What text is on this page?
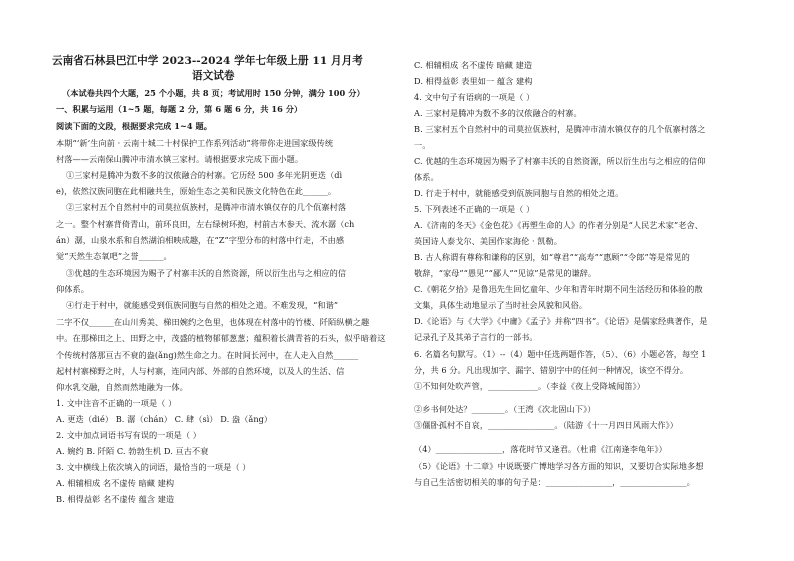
云南省石林县巴江中学 2023--2024 学年七年级上册 11 月月考
语文试卷
（本试卷共四个大题，25 个小题，共 8 页；考试用时 150 分钟，满分 100 分）
一、积累与运用（1~5 题，每题 2 分，第 6 题 6 分，共 16 分）
阅读下面的文段，根据要求完成 1~4 题。
本期“‘新’生向前 · 云南十城二十村保护工作系列活动”将带你走进国家级传统
村落——云南保山腾冲市清水镇三家村。请根据要求完成下面小题。
①三家村是腾冲为数不多的汉侬融合的村寨。它历经 500 多年光阴更迭（dì
e)，依然汉族同胞在此相融共生，原始生态之美和民族文化特色在此______。
②三家村五个自然村中的司莫拉佤族村，是腾冲市清水镇仅存的几个佤寨村落
之一。整个村寨背倚青山，前环良田，左右绿树环抱，村前古木参天、流水潺（ch
án）潺，山泉水系和自然湖泊相映成趣，在“Z”字型分布的村落中行走，不由感
觉“天然生态氧吧”之誉______。
③优越的生态环境因为赐予了村寨丰沃的自然资源，所以衍生出与之相应的信
仰体系。
④行走于村中，就能感受到佤族同胞与自然的相处之道。不难发现，“和谐”
二字不仅______在山川秀美、梯田婉约之色里，也体现在村落中的竹楼、阡陌纵横之趣
中。在那梯田之上、田野之中，茂盛的植物郁郁葱葱；蕴积着长满青苔的石头，似乎暗着这
个传统村落那亘古不衰的盎(ǎng)然生命之力。在时间长河中，在人走入自然______
起村村寨梯野之时，人与村寨，连同内部、外部的自然环境，以及人的生活、信
仰水乳交融，自然而然地融为一体。
1. 文中注音不正确的一项是（ ）
A. 更迭（dié） B. 潺（chán） C. 肆（sì） D. 盎（ǎng）
2. 文中加点词语书写有误的一项是（ ）
A. 婉约 B. 阡陌 C. 勃勃生机 D. 亘古不衰
3. 文中横线上依次填入的词语，最恰当的一项是（ ）
A. 相辅相成 名不虚传 暗藏 建构
B. 相得益彰 名不虚传 蕴含 建造
C. 相辅相成 名不虚传 暗藏 建造
D. 相得益彰 表里如一 蕴含 建构
4. 文中句子有语病的一项是（ ）
A. 三家村是腾冲为数不多的汉侬融合的村寨。
B. 三家村五个自然村中的司莫拉佤族村，是腾冲市清水镇仅存的几个佤寨村落之
一。
C. 优越的生态环境因为赐予了村寨丰沃的自然资源，所以衍生出与之相应的信仰
体系。
D. 行走于村中，就能感受到佤族同胞与自然的相处之道。
5. 下列表述不正确的一项是（ ）
A.《济南的冬天》《金色花》《再塑生命的人》的作者分别是“人民艺术家”老舍、
英国诗人泰戈尔、美国作家海伦 · 凯勒。
B. 古人称谓有尊称和谦称的区别，如“尊君”“高寿”“惠顾”“令郎”等是常见的
敬辞，“家母”“愚见”“鄙人”“见谅”是常见的谦辞。
C.《朝花夕拾》是鲁迅先生回忆童年、少年和青年时期不同生活经历和体验的散
文集，具体生动地显示了当时社会风貌和风俗。
D.《论语》与《大学》《中庸》《孟子》并称“四书”。《论语》是儒家经典著作，是
记录孔子及其弟子言行的一部书。
6. 名篇名句默写。（1）--（4）题中任选两题作答，（5）、（6）小题必答，每空 1
分，共 6 分。凡出现加字、漏字、错别字中的任何一种情况，该空不得分。
①不知何处吹芦管，____________。（李益《夜上受降城闻笛》）
②乡书何处达？________。（王湾《次北固山下》）
③僵卧孤村不自哀，________________。（陆游《十一月四日风雨大作》）
（4）________________，落花时节又逢君。（杜甫《江南逢李龟年》）
（5）《论语》十二章》中说既要广博地学习各方面的知识，又要切合实际地多想
与自己生活密切相关的事的句子是：________________，________________。
